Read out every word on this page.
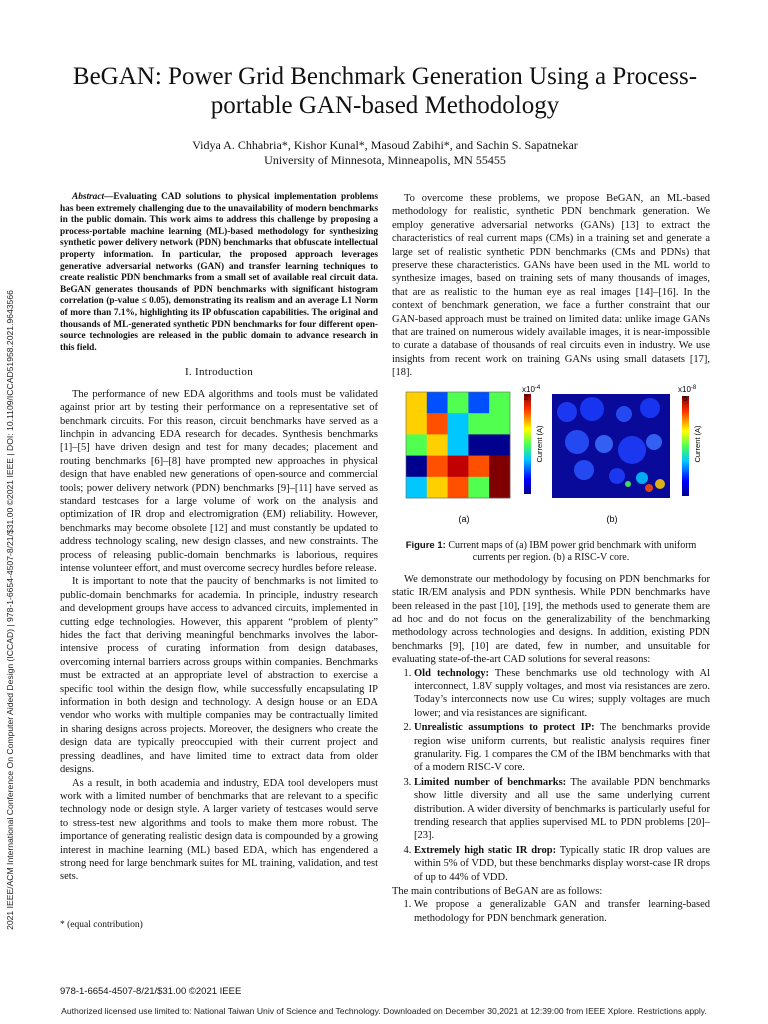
2021 IEEE/ACM International Conference On Computer Aided Design (ICCAD) | 978-1-6654-4507-8/21/$31.00 ©2021 IEEE | DOI: 10.1109/ICCAD51958.2021.9643566
BeGAN: Power Grid Benchmark Generation Using a Process-portable GAN-based Methodology
Vidya A. Chhabria*, Kishor Kunal*, Masoud Zabihi*, and Sachin S. Sapatnekar
University of Minnesota, Minneapolis, MN 55455
Abstract—Evaluating CAD solutions to physical implementation problems has been extremely challenging due to the unavailability of modern benchmarks in the public domain. This work aims to address this challenge by proposing a process-portable machine learning (ML)-based methodology for synthesizing synthetic power delivery network (PDN) benchmarks that obfuscate intellectual property information. In particular, the proposed approach leverages generative adversarial networks (GAN) and transfer learning techniques to create realistic PDN benchmarks from a small set of available real circuit data. BeGAN generates thousands of PDN benchmarks with significant histogram correlation (p-value ≤ 0.05), demonstrating its realism and an average L1 Norm of more than 7.1%, highlighting its IP obfuscation capabilities. The original and thousands of ML-generated synthetic PDN benchmarks for four different open-source technologies are released in the public domain to advance research in this field.
I. Introduction

The performance of new EDA algorithms and tools must be validated against prior art by testing their performance on a representative set of benchmark circuits. For this reason, circuit benchmarks have served as a linchpin in advancing EDA research for decades. Synthesis benchmarks [1]–[5] have driven design and test for many decades; placement and routing benchmarks [6]–[8] have prompted new approaches in physical design that have enabled new generations of open-source and commercial tools; power delivery network (PDN) benchmarks [9]–[11] have served as standard testcases for a large volume of work on the analysis and optimization of IR drop and electromigration (EM) reliability. However, benchmarks may become obsolete [12] and must constantly be updated to address technology scaling, new design classes, and new constraints. The process of releasing public-domain benchmarks is laborious, requires intense volunteer effort, and must overcome secrecy hurdles before release.

It is important to note that the paucity of benchmarks is not limited to public-domain benchmarks for academia. In principle, industry research and development groups have access to advanced circuits, implemented in cutting edge technologies. However, this apparent “problem of plenty” hides the fact that deriving meaningful benchmarks involves the labor-intensive process of curating information from design databases, overcoming internal barriers across groups within companies. Benchmarks must be extracted at an appropriate level of abstraction to exercise a specific tool within the design flow, while successfully encapsulating IP information in both design and technology. A design house or an EDA vendor who works with multiple companies may be contractually limited in sharing designs across projects. Moreover, the designers who create the design data are typically preoccupied with their current project and pressing deadlines, and have limited time to extract data from older designs.

As a result, in both academia and industry, EDA tool developers must work with a limited number of benchmarks that are relevant to a specific technology node or design style. A larger variety of testcases would serve to stress-test new algorithms and tools to make them more robust. The importance of generating realistic design data is compounded by a growing interest in machine learning (ML) based EDA, which has engendered a strong need for large benchmark suites for ML training, validation, and test sets.

* (equal contribution)

To overcome these problems, we propose BeGAN, an ML-based methodology for realistic, synthetic PDN benchmark generation. We employ generative adversarial networks (GANs) [13] to extract the characteristics of real current maps (CMs) in a training set and generate a large set of realistic synthetic PDN benchmarks (CMs and PDNs) that preserve these characteristics. GANs have been used in the ML world to synthesize images, based on training sets of many thousands of images, that are as realistic to the human eye as real images [14]–[16]. In the context of benchmark generation, we face a further constraint that our GAN-based approach must be trained on limited data: unlike image GANs that are trained on numerous widely available images, it is near-impossible to curate a database of thousands of real circuits even in industry. We use insights from recent work on training GANs using small datasets [17], [18].

$x10^{-4}$
2
Current (A)
(a)
$x10^{-8}$
6
Current (A)
(b)
Figure 1: Current maps of (a) IBM power grid benchmark with uniform currents per region. (b) a RISC-V core.

We demonstrate our methodology by focusing on PDN benchmarks for static IR/EM analysis and PDN synthesis. While PDN benchmarks have been released in the past [10], [19], the methods used to generate them are ad hoc and do not focus on the generalizability of the benchmarking methodology across technologies and designs. In addition, existing PDN benchmarks [9], [10] are dated, few in number, and unsuitable for evaluating state-of-the-art CAD solutions for several reasons:

1. Old technology: These benchmarks use old technology with Al interconnect, 1.8V supply voltages, and most via resistances are zero. Today’s interconnects now use Cu wires; supply voltages are much lower; and via resistances are significant.
2. Unrealistic assumptions to protect IP: The benchmarks provide region wise uniform currents, but realistic analysis requires finer granularity. Fig. 1 compares the CM of the IBM benchmarks with that of a modern RISC-V core.
3. Limited number of benchmarks: The available PDN benchmarks show little diversity and all use the same underlying current distribution. A wider diversity of benchmarks is particularly useful for trending research that applies supervised ML to PDN problems [20]–[23].
4. Extremely high static IR drop: Typically static IR drop values are within 5% of VDD, but these benchmarks display worst-case IR drops of up to 44% of VDD.
The main contributions of BeGAN are as follows:
1. We propose a generalizable GAN and transfer learning-based methodology for PDN benchmark generation.
978-1-6654-4507-8/21/$31.00 ©2021 IEEE
Authorized licensed use limited to: National Taiwan Univ of Science and Technology. Downloaded on December 30,2021 at 12:39:00 from IEEE Xplore. Restrictions apply.
